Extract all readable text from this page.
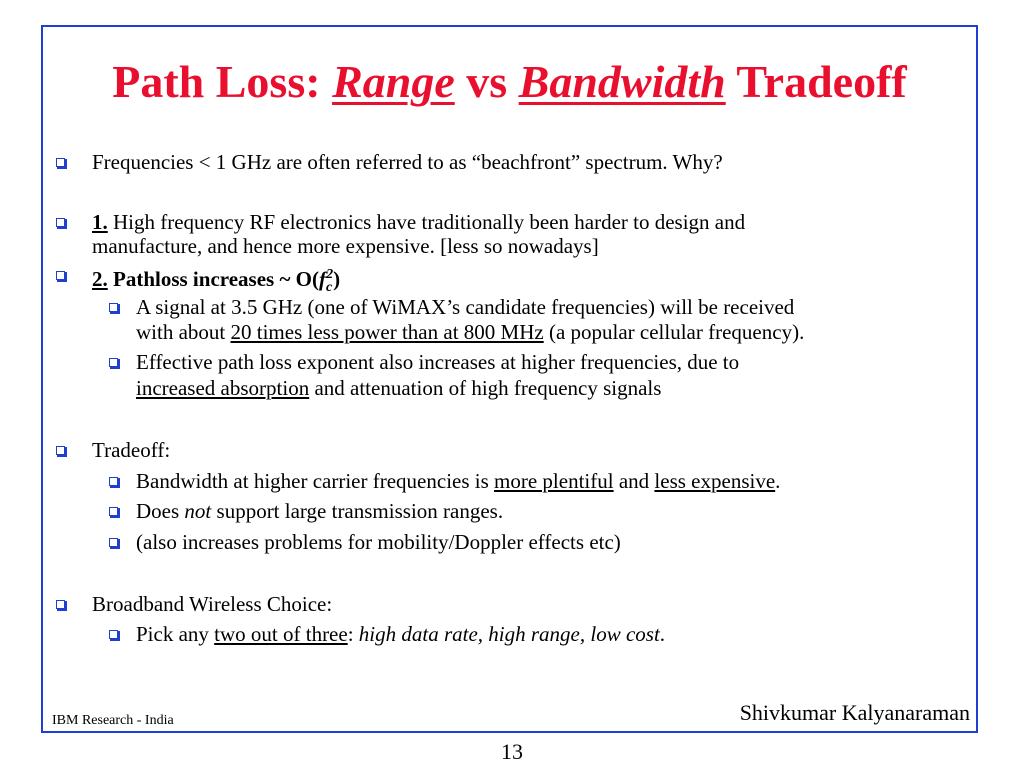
Path Loss: Range vs Bandwidth Tradeoff
Frequencies < 1 GHz are often referred to as “beachfront” spectrum. Why?
1. High frequency RF electronics have traditionally been harder to design and
manufacture, and hence more expensive. [less so nowadays]
2. Pathloss increases ~ $O(f_c^2)$
A signal at 3.5 GHz (one of WiMAX’s candidate frequencies) will be received
with about 20 times less power than at 800 MHz (a popular cellular frequency).
Effective path loss exponent also increases at higher frequencies, due to
increased absorption and attenuation of high frequency signals
Tradeoff:
Bandwidth at higher carrier frequencies is more plentiful and less expensive.
Does not support large transmission ranges.
(also increases problems for mobility/Doppler effects etc)
Broadband Wireless Choice:
Pick any two out of three: high data rate, high range, low cost.
IBM Research - India	Shivkumar Kalyanaraman
13
